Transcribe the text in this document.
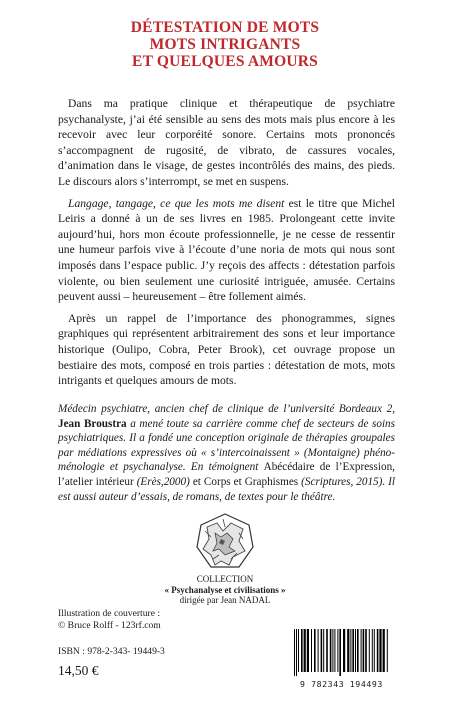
DÉTESTATION DE MOTS
MOTS INTRIGANTS
ET QUELQUES AMOURS

Dans ma pratique clinique et thérapeutique de psychiatre psychanalyste, j’ai été sensible au sens des mots mais plus encore à les recevoir avec leur corporéité sonore. Certains mots prononcés s’accompagnent de rugosité, de vibrato, de cassures vocales, d’animation dans le visage, de gestes incontrôlés des mains, des pieds. Le discours alors s’interrompt, se met en suspens.

Langage, tangage, ce que les mots me disent est le titre que Michel Leiris a donné à un de ses livres en 1985. Prolongeant cette invite aujourd’hui, hors mon écoute professionnelle, je ne cesse de ressentir une humeur parfois vive à l’écoute d’une noria de mots qui nous sont imposés dans l’espace public. J’y reçois des affects : détestation parfois violente, ou bien seulement une curiosité intriguée, amusée. Certains peuvent aussi – heureusement – être follement aimés.

Après un rappel de l’importance des phonogrammes, signes graphiques qui représentent arbitrairement des sons et leur importance historique (Oulipo, Cobra, Peter Brook), cet ouvrage propose un bestiaire des mots, composé en trois parties : détestation de mots, mots intrigants et quelques amours de mots.

Médecin psychiatre, ancien chef de clinique de l’université Bordeaux 2, Jean Broustra a mené toute sa carrière comme chef de secteurs de soins psychiatriques. Il a fondé une conception originale de thérapies groupales par médiations expressives où « s’intercoinaissent » (Montaigne) phéno-ménologie et psychanalyse. En témoignent Abécédaire de l’Expression, l’atelier intérieur (Erès,2000) et Corps et Graphismes (Scriptures, 2015). Il est aussi auteur d’essais, de romans, de textes pour le théâtre.
COLLECTION
« Psychanalyse et civilisations »
dirigée par Jean NADAL
Illustration de couverture :
© Bruce Rolff - 123rf.com
ISBN : 978-2-343- 19449-3
14,50 €
9 782343 194493
